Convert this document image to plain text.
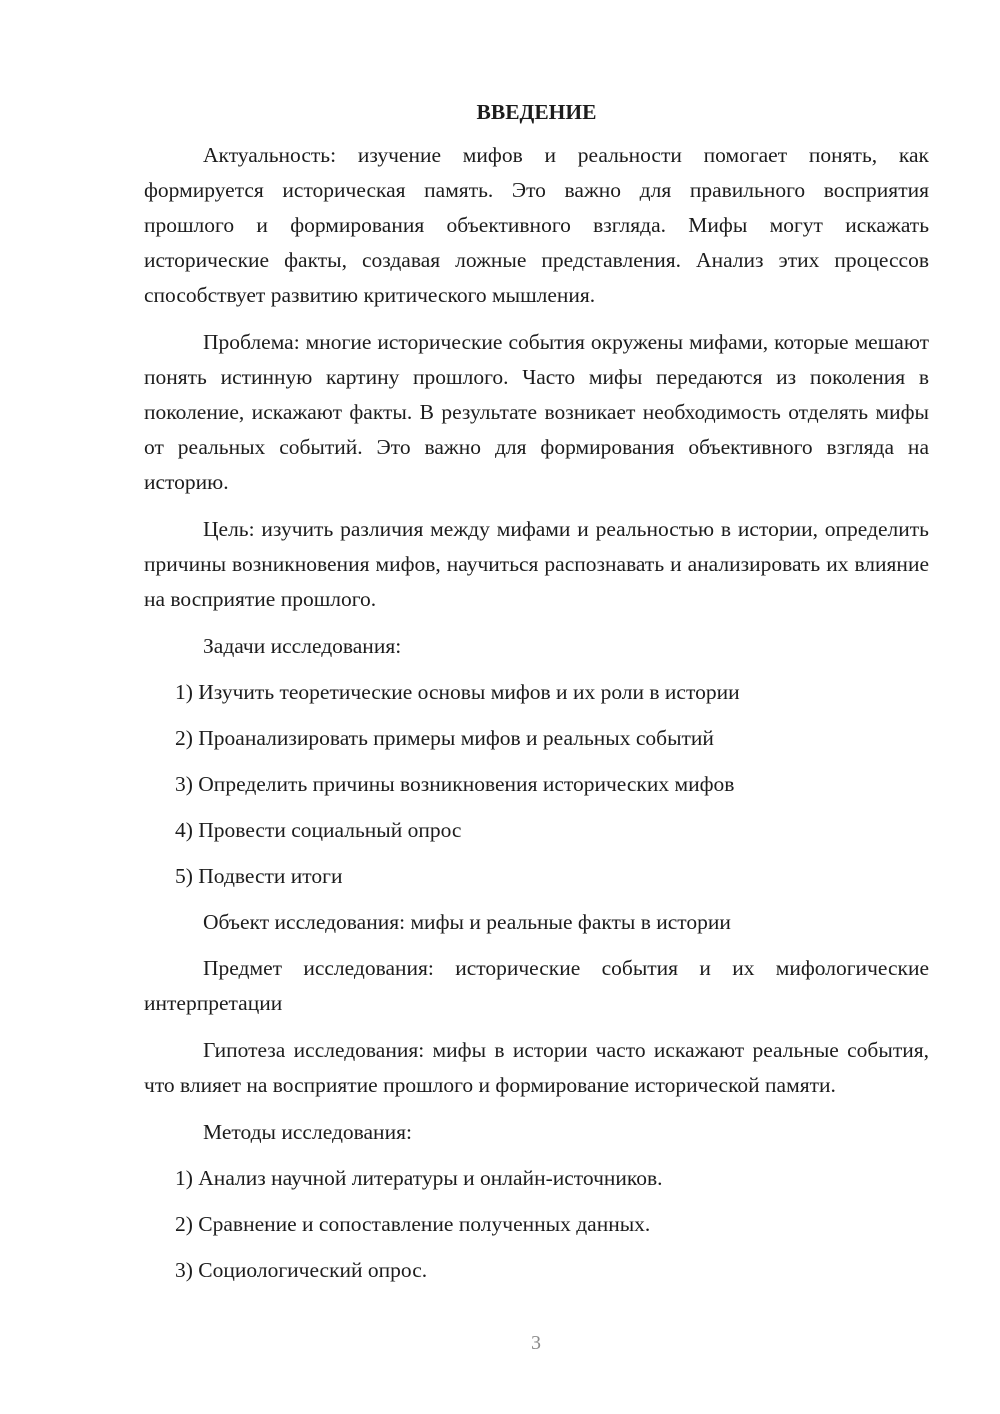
ВВЕДЕНИЕ

Актуальность: изучение мифов и реальности помогает понять, как формируется историческая память. Это важно для правильного восприятия прошлого и формирования объективного взгляда. Мифы могут искажать исторические факты, создавая ложные представления. Анализ этих процессов способствует развитию критического мышления.

Проблема: многие исторические события окружены мифами, которые мешают понять истинную картину прошлого. Часто мифы передаются из поколения в поколение, искажают факты. В результате возникает необходимость отделять мифы от реальных событий. Это важно для формирования объективного взгляда на историю.

Цель: изучить различия между мифами и реальностью в истории, определить причины возникновения мифов, научиться распознавать и анализировать их влияние на восприятие прошлого.

Задачи исследования:
1) Изучить теоретические основы мифов и их роли в истории
2) Проанализировать примеры мифов и реальных событий
3) Определить причины возникновения исторических мифов
4) Провести социальный опрос
5) Подвести итоги
Объект исследования: мифы и реальные факты в истории

Предмет исследования: исторические события и их мифологические интерпретации

Гипотеза исследования: мифы в истории часто искажают реальные события, что влияет на восприятие прошлого и формирование исторической памяти.

Методы исследования:
1) Анализ научной литературы и онлайн-источников.
2) Сравнение и сопоставление полученных данных.
3) Социологический опрос.
3
